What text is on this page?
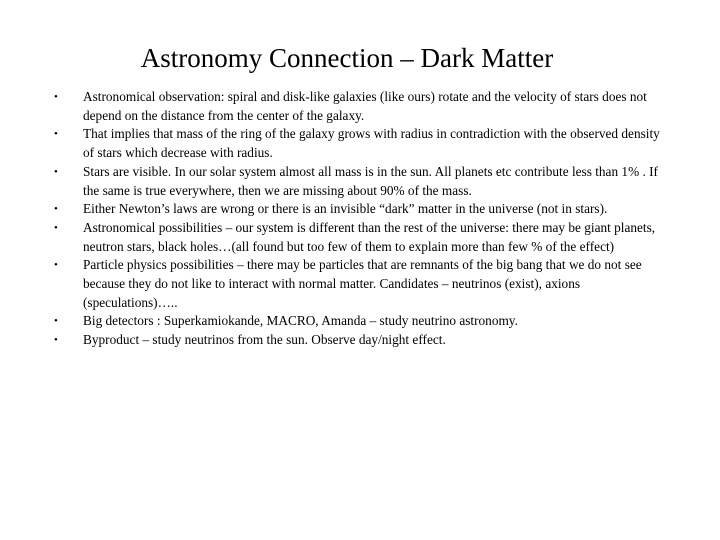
Astronomy Connection – Dark Matter
•	Astronomical observation: spiral and disk-like galaxies (like ours) rotate and the velocity of stars does not depend on the distance from the center of the galaxy.
•	That implies that mass of the ring of the galaxy grows with radius in contradiction with the observed density of stars which decrease with radius.
•	Stars are visible. In our solar system almost all mass is in the sun. All planets etc contribute less than 1% . If the same is true everywhere, then we are missing about 90% of the mass.
•	Either Newton’s laws are wrong or there is an invisible “dark” matter in the universe (not in stars).
•	Astronomical possibilities – our system is different than the rest of the universe: there may be giant planets, neutron stars, black holes…(all found but too few of them to explain more than few % of the effect)
•	Particle physics possibilities – there may be particles that are remnants of the big bang that we do not see because they do not like to interact with normal matter. Candidates – neutrinos (exist), axions (speculations)…..
•	Big detectors : Superkamiokande, MACRO, Amanda – study neutrino astronomy.
•	Byproduct – study neutrinos from the sun. Observe day/night effect.
